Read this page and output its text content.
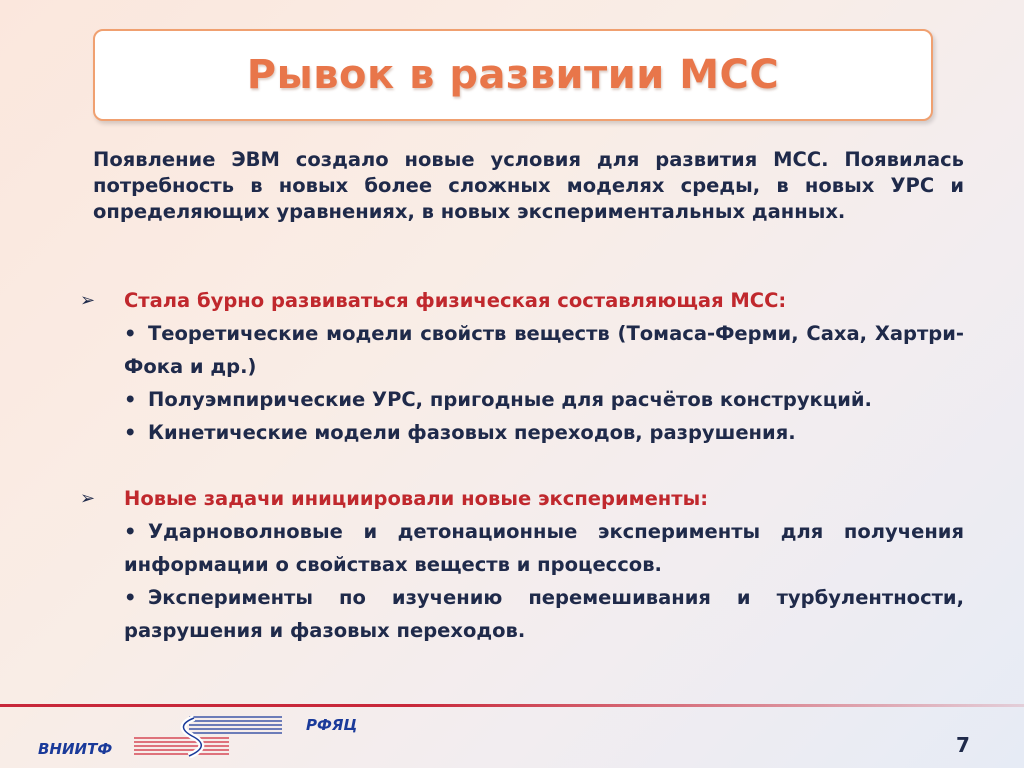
Рывок в развитии МСС
Появление ЭВМ создало новые условия для развития МСС. Появилась потребность в новых более сложных моделях среды, в новых УРС и определяющих уравнениях, в новых экспериментальных данных.
➢	Стала бурно развиваться физическая составляющая МСС:
• Теоретические модели свойств веществ (Томаса-Ферми, Саха, Хартри-Фока и др.)
• Полуэмпирические УРС, пригодные для расчётов конструкций.
• Кинетические модели фазовых переходов, разрушения.
➢	Новые задачи инициировали новые эксперименты:
• Ударноволновые и детонационные эксперименты для получения информации о свойствах веществ и процессов.
• Эксперименты по изучению перемешивания и турбулентности, разрушения и фазовых переходов.
ВНИИТФ
РФЯЦ
7
